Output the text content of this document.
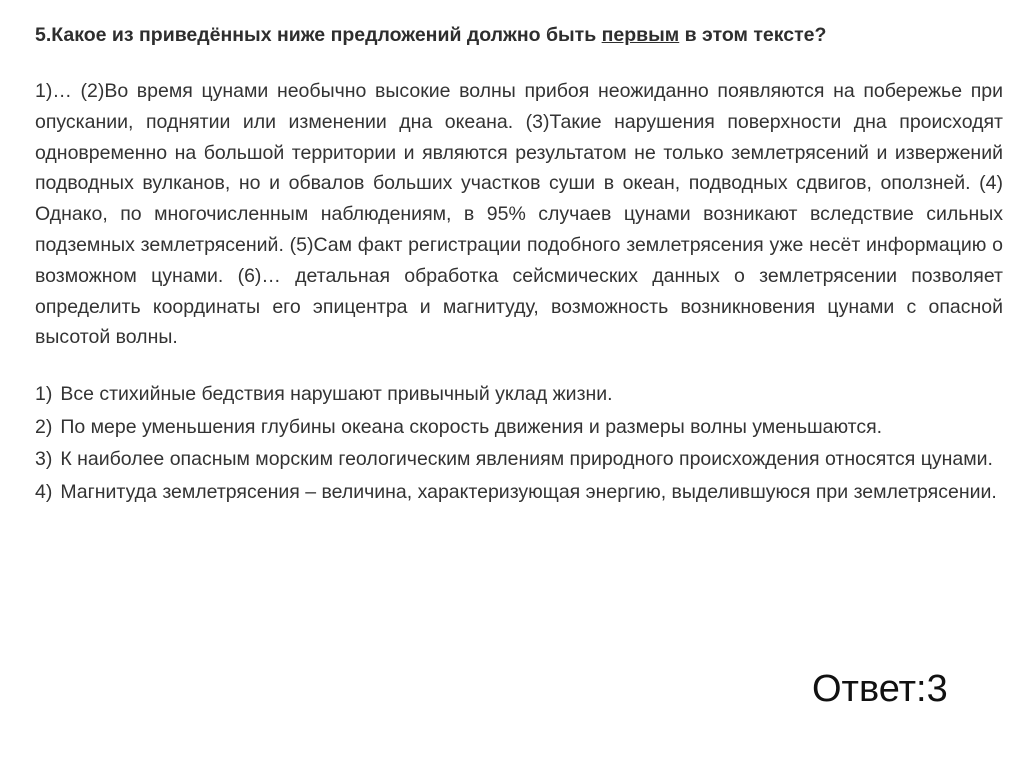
5.Какое из приведённых ниже предложений должно быть первым в этом тексте?

1)… (2)Во время цунами необычно высокие волны прибоя неожиданно появляются на побережье при опускании, поднятии или изменении дна океана. (3)Такие нарушения поверхности дна происходят одновременно на большой территории и являются результатом не только землетрясений и извержений подводных вулканов, но и обвалов больших участков суши в океан, подводных сдвигов, оползней. (4) Однако, по многочисленным наблюдениям, в 95% случаев цунами возникают вследствие сильных подземных землетрясений. (5)Сам факт регистрации подобного землетрясения уже несёт информацию о возможном цунами. (6)… детальная обработка сейсмических данных о землетрясении позволяет определить координаты его эпицентра и магнитуду, возможность возникновения цунами с опасной высотой волны.

1) Все стихийные бедствия нарушают привычный уклад жизни.
2) По мере уменьшения глубины океана скорость движения и размеры волны уменьшаются.
3) К наиболее опасным морским геологическим явлениям природного происхождения относятся цунами.
4) Магнитуда землетрясения – величина, характеризующая энергию, выделившуюся при землетрясении.
Ответ:3
